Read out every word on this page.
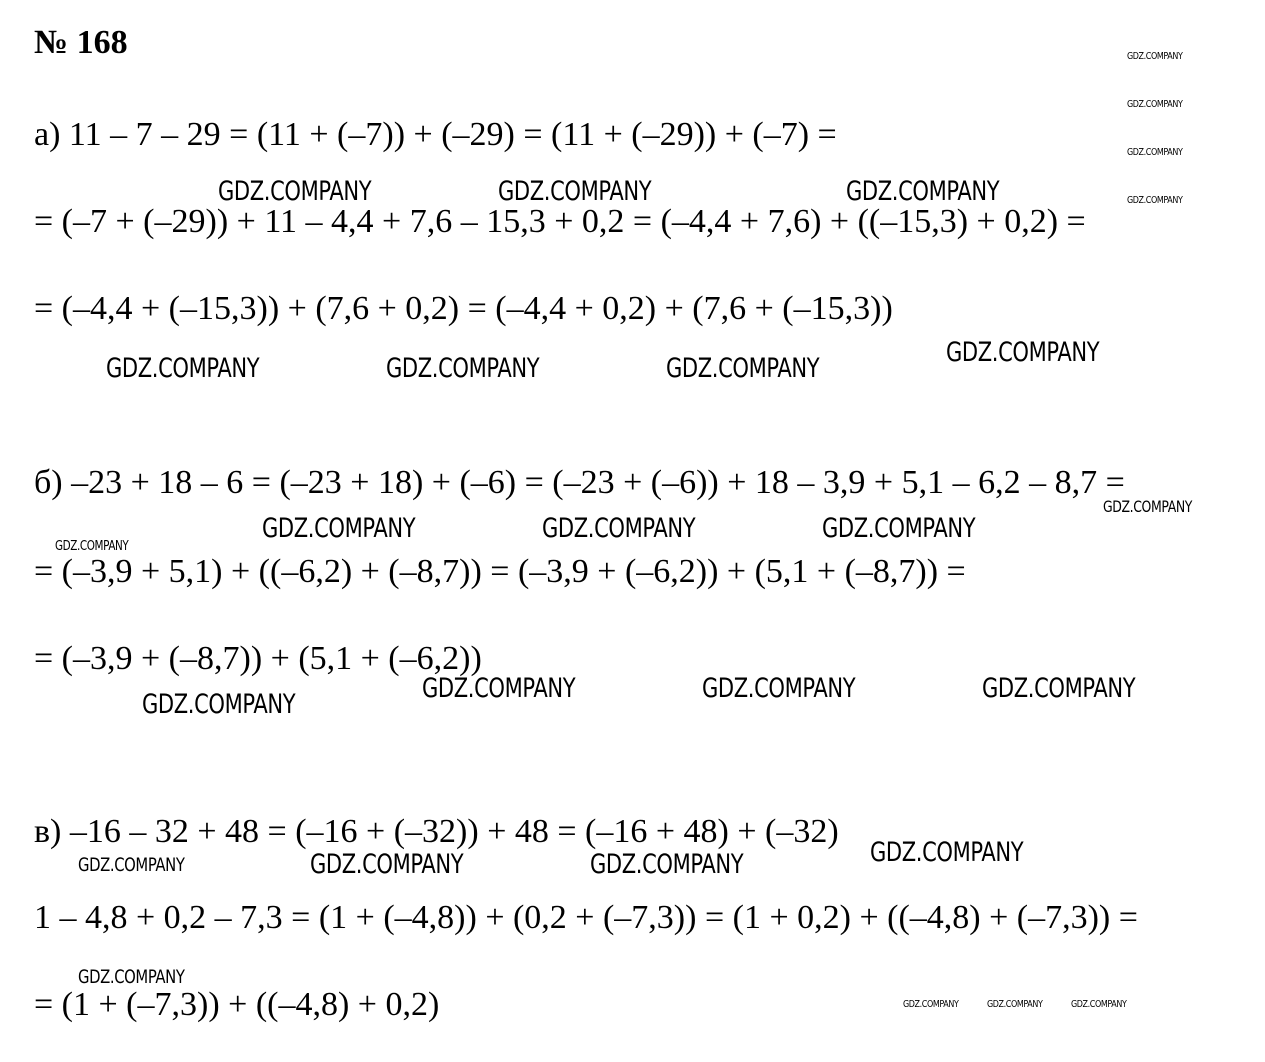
№ 168
а) 11 – 7 – 29 = (11 + (–7)) + (–29) = (11 + (–29)) + (–7) =
= (–7 + (–29)) + 11 – 4,4 + 7,6 – 15,3 + 0,2 = (–4,4 + 7,6) + ((–15,3) + 0,2) =
= (–4,4 + (–15,3)) + (7,6 + 0,2) = (–4,4 + 0,2) + (7,6 + (–15,3))
б) –23 + 18 – 6 = (–23 + 18) + (–6) = (–23 + (–6)) + 18 – 3,9 + 5,1 – 6,2 – 8,7 =
= (–3,9 + 5,1) + ((–6,2) + (–8,7)) = (–3,9 + (–6,2)) + (5,1 + (–8,7)) =
= (–3,9 + (–8,7)) + (5,1 + (–6,2))
в) –16 – 32 + 48 = (–16 + (–32)) + 48 = (–16 + 48) + (–32)
1 – 4,8 + 0,2 – 7,3 = (1 + (–4,8)) + (0,2 + (–7,3)) = (1 + 0,2) + ((–4,8) + (–7,3)) =
= (1 + (–7,3)) + ((–4,8) + 0,2)
GDZ.COMPANY
GDZ.COMPANY
GDZ.COMPANY
GDZ.COMPANY
GDZ.COMPANY	GDZ.COMPANY	GDZ.COMPANY
GDZ.COMPANY	GDZ.COMPANY	GDZ.COMPANY
GDZ.COMPANY
GDZ.COMPANY
GDZ.COMPANY	GDZ.COMPANY	GDZ.COMPANY
GDZ.COMPANY
GDZ.COMPANY	GDZ.COMPANY	GDZ.COMPANY
GDZ.COMPANY
GDZ.COMPANY
GDZ.COMPANY	GDZ.COMPANY	GDZ.COMPANY
GDZ.COMPANY
GDZ.COMPANY	GDZ.COMPANY	GDZ.COMPANY
